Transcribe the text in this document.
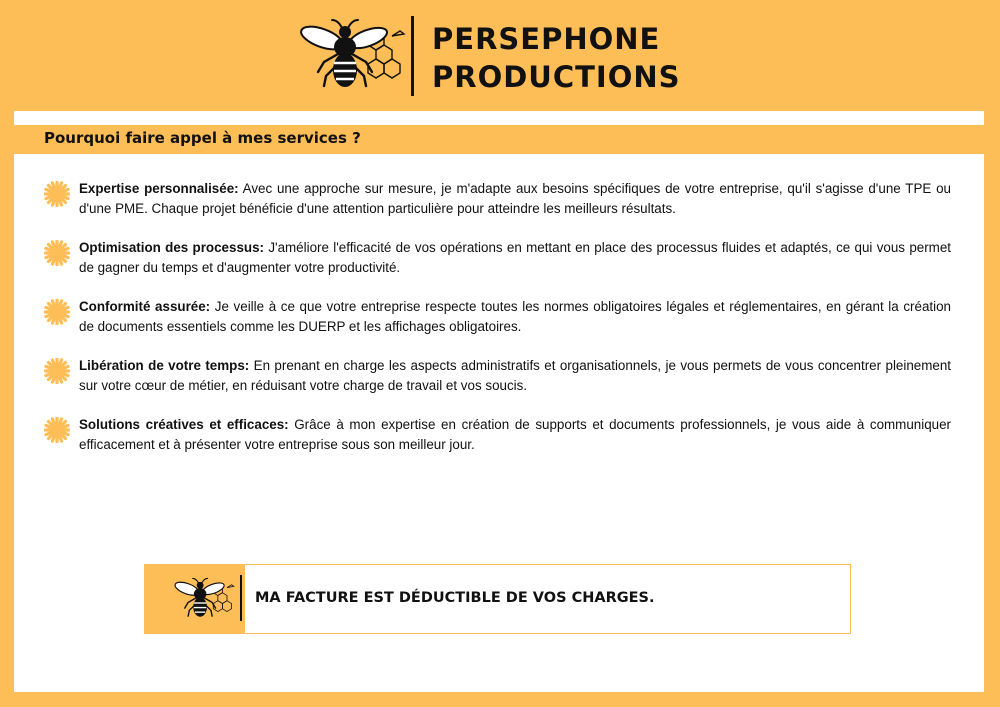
PERSEPHONE
PRODUCTIONS
Pourquoi faire appel à mes services ?
Expertise personnalisée: Avec une approche sur mesure, je m'adapte aux besoins spécifiques de votre entreprise, qu'il s'agisse d'une TPE ou d'une PME. Chaque projet bénéficie d'une attention particulière pour atteindre les meilleurs résultats.
Optimisation des processus: J'améliore l'efficacité de vos opérations en mettant en place des processus fluides et adaptés, ce qui vous permet de gagner du temps et d'augmenter votre productivité.
Conformité assurée: Je veille à ce que votre entreprise respecte toutes les normes obligatoires légales et réglementaires, en gérant la création de documents essentiels comme les DUERP et les affichages obligatoires.
Libération de votre temps: En prenant en charge les aspects administratifs et organisationnels, je vous permets de vous concentrer pleinement sur votre cœur de métier, en réduisant votre charge de travail et vos soucis.
Solutions créatives et efficaces: Grâce à mon expertise en création de supports et documents professionnels, je vous aide à communiquer efficacement et à présenter votre entreprise sous son meilleur jour.
MA FACTURE EST DÉDUCTIBLE DE VOS CHARGES.
